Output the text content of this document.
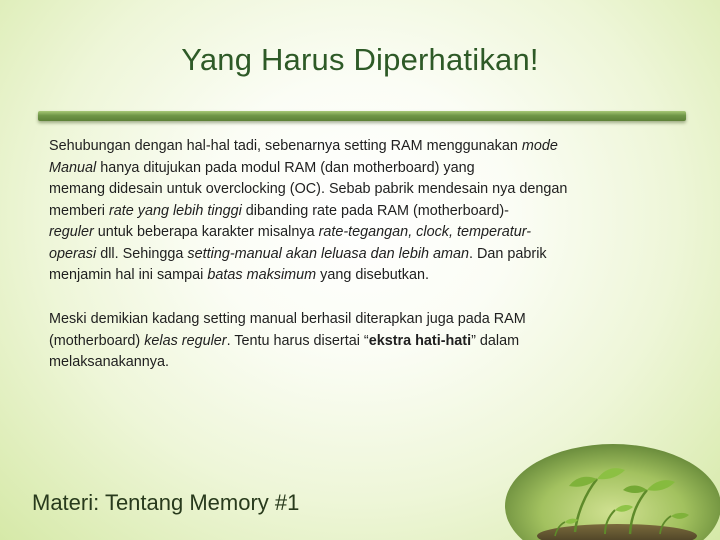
Yang Harus Diperhatikan!
Sehubungan dengan hal-hal tadi, sebenarnya setting RAM menggunakan mode
Manual hanya ditujukan pada modul RAM (dan motherboard) yang
memang didesain untuk overclocking (OC). Sebab pabrik mendesain nya dengan
memberi rate yang lebih tinggi dibanding rate pada RAM (motherboard)-
reguler untuk beberapa karakter misalnya rate-tegangan, clock, temperatur-
operasi dll. Sehingga setting-manual akan leluasa dan lebih aman. Dan pabrik
menjamin hal ini sampai batas maksimum yang disebutkan.
Meski demikian kadang setting manual berhasil diterapkan juga pada RAM
(motherboard) kelas reguler. Tentu harus disertai “ekstra hati-hati” dalam
melaksanakannya.
Materi: Tentang Memory #1
